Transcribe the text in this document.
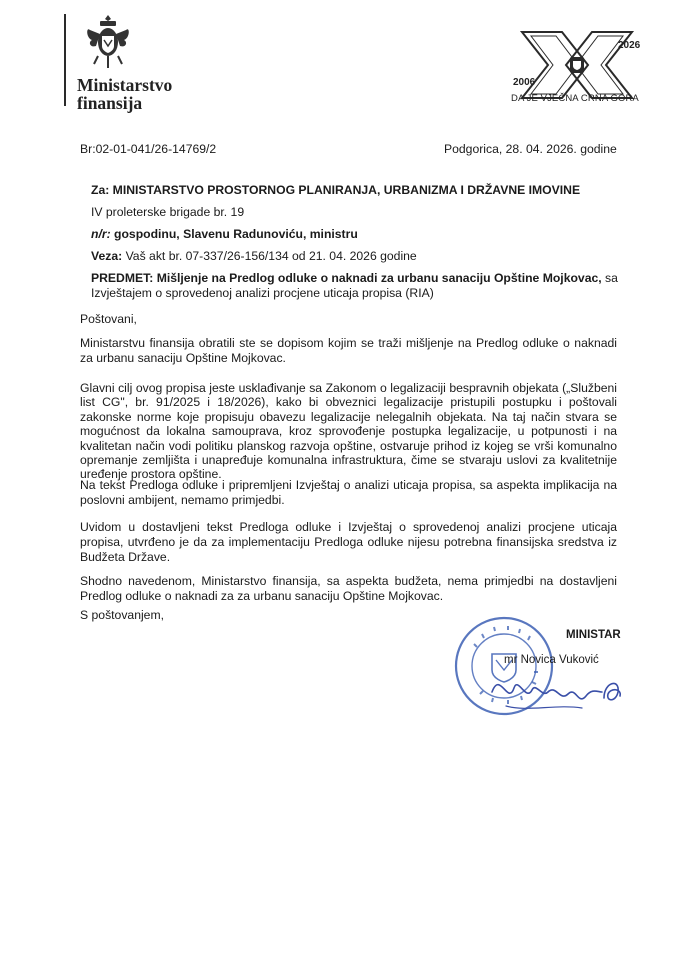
Ministarstvo
finansija
2026
2006
DA JE VJEČNA CRNA GORA
Br:02-01-041/26-14769/2	Podgorica, 28. 04. 2026. godine
Za: MINISTARSTVO PROSTORNOG PLANIRANJA, URBANIZMA I DRŽAVNE IMOVINE
IV proleterske brigade br. 19
n/r: gospodinu, Slavenu Radunoviću, ministru
Veza: Vaš akt br. 07-337/26-156/134 od 21. 04. 2026 godine
PREDMET: Mišljenje na Predlog odluke o naknadi za urbanu sanaciju Opštine Mojkovac, sa
Izvještajem o sprovedenoj analizi procjene uticaja propisa (RIA)
Poštovani,
Ministarstvu finansija obratili ste se dopisom kojim se traži mišljenje na Predlog odluke o naknadi za urbanu sanaciju Opštine Mojkovac.
Glavni cilj ovog propisa jeste usklađivanje sa Zakonom o legalizaciji bespravnih objekata („Službeni list CG", br. 91/2025 i 18/2026), kako bi obveznici legalizacije pristupili postupku i poštovali zakonske norme koje propisuju obavezu legalizacije nelegalnih objekata. Na taj način stvara se mogućnost da lokalna samouprava, kroz sprovođenje postupka legalizacije, u potpunosti i na kvalitetan način vodi politiku planskog razvoja opštine, ostvaruje prihod iz kojeg se vrši komunalno opremanje zemljišta i unapređuje komunalna infrastruktura, čime se stvaraju uslovi za kvalitetnije uređenje prostora opštine.
Na tekst Predloga odluke i pripremljeni Izvještaj o analizi uticaja propisa, sa aspekta implikacija na poslovni ambijent, nemamo primjedbi.
Uvidom u dostavljeni tekst Predloga odluke i Izvještaj o sprovedenoj analizi procjene uticaja propisa, utvrđeno je da za implementaciju Predloga odluke nijesu potrebna finansijska sredstva iz Budžeta Države.
Shodno navedenom, Ministarstvo finansija, sa aspekta budžeta, nema primjedbi na dostavljeni Predlog odluke o naknadi za za urbanu sanaciju Opštine Mojkovac.
S poštovanjem,
MINISTAR
mr Novica Vuković
